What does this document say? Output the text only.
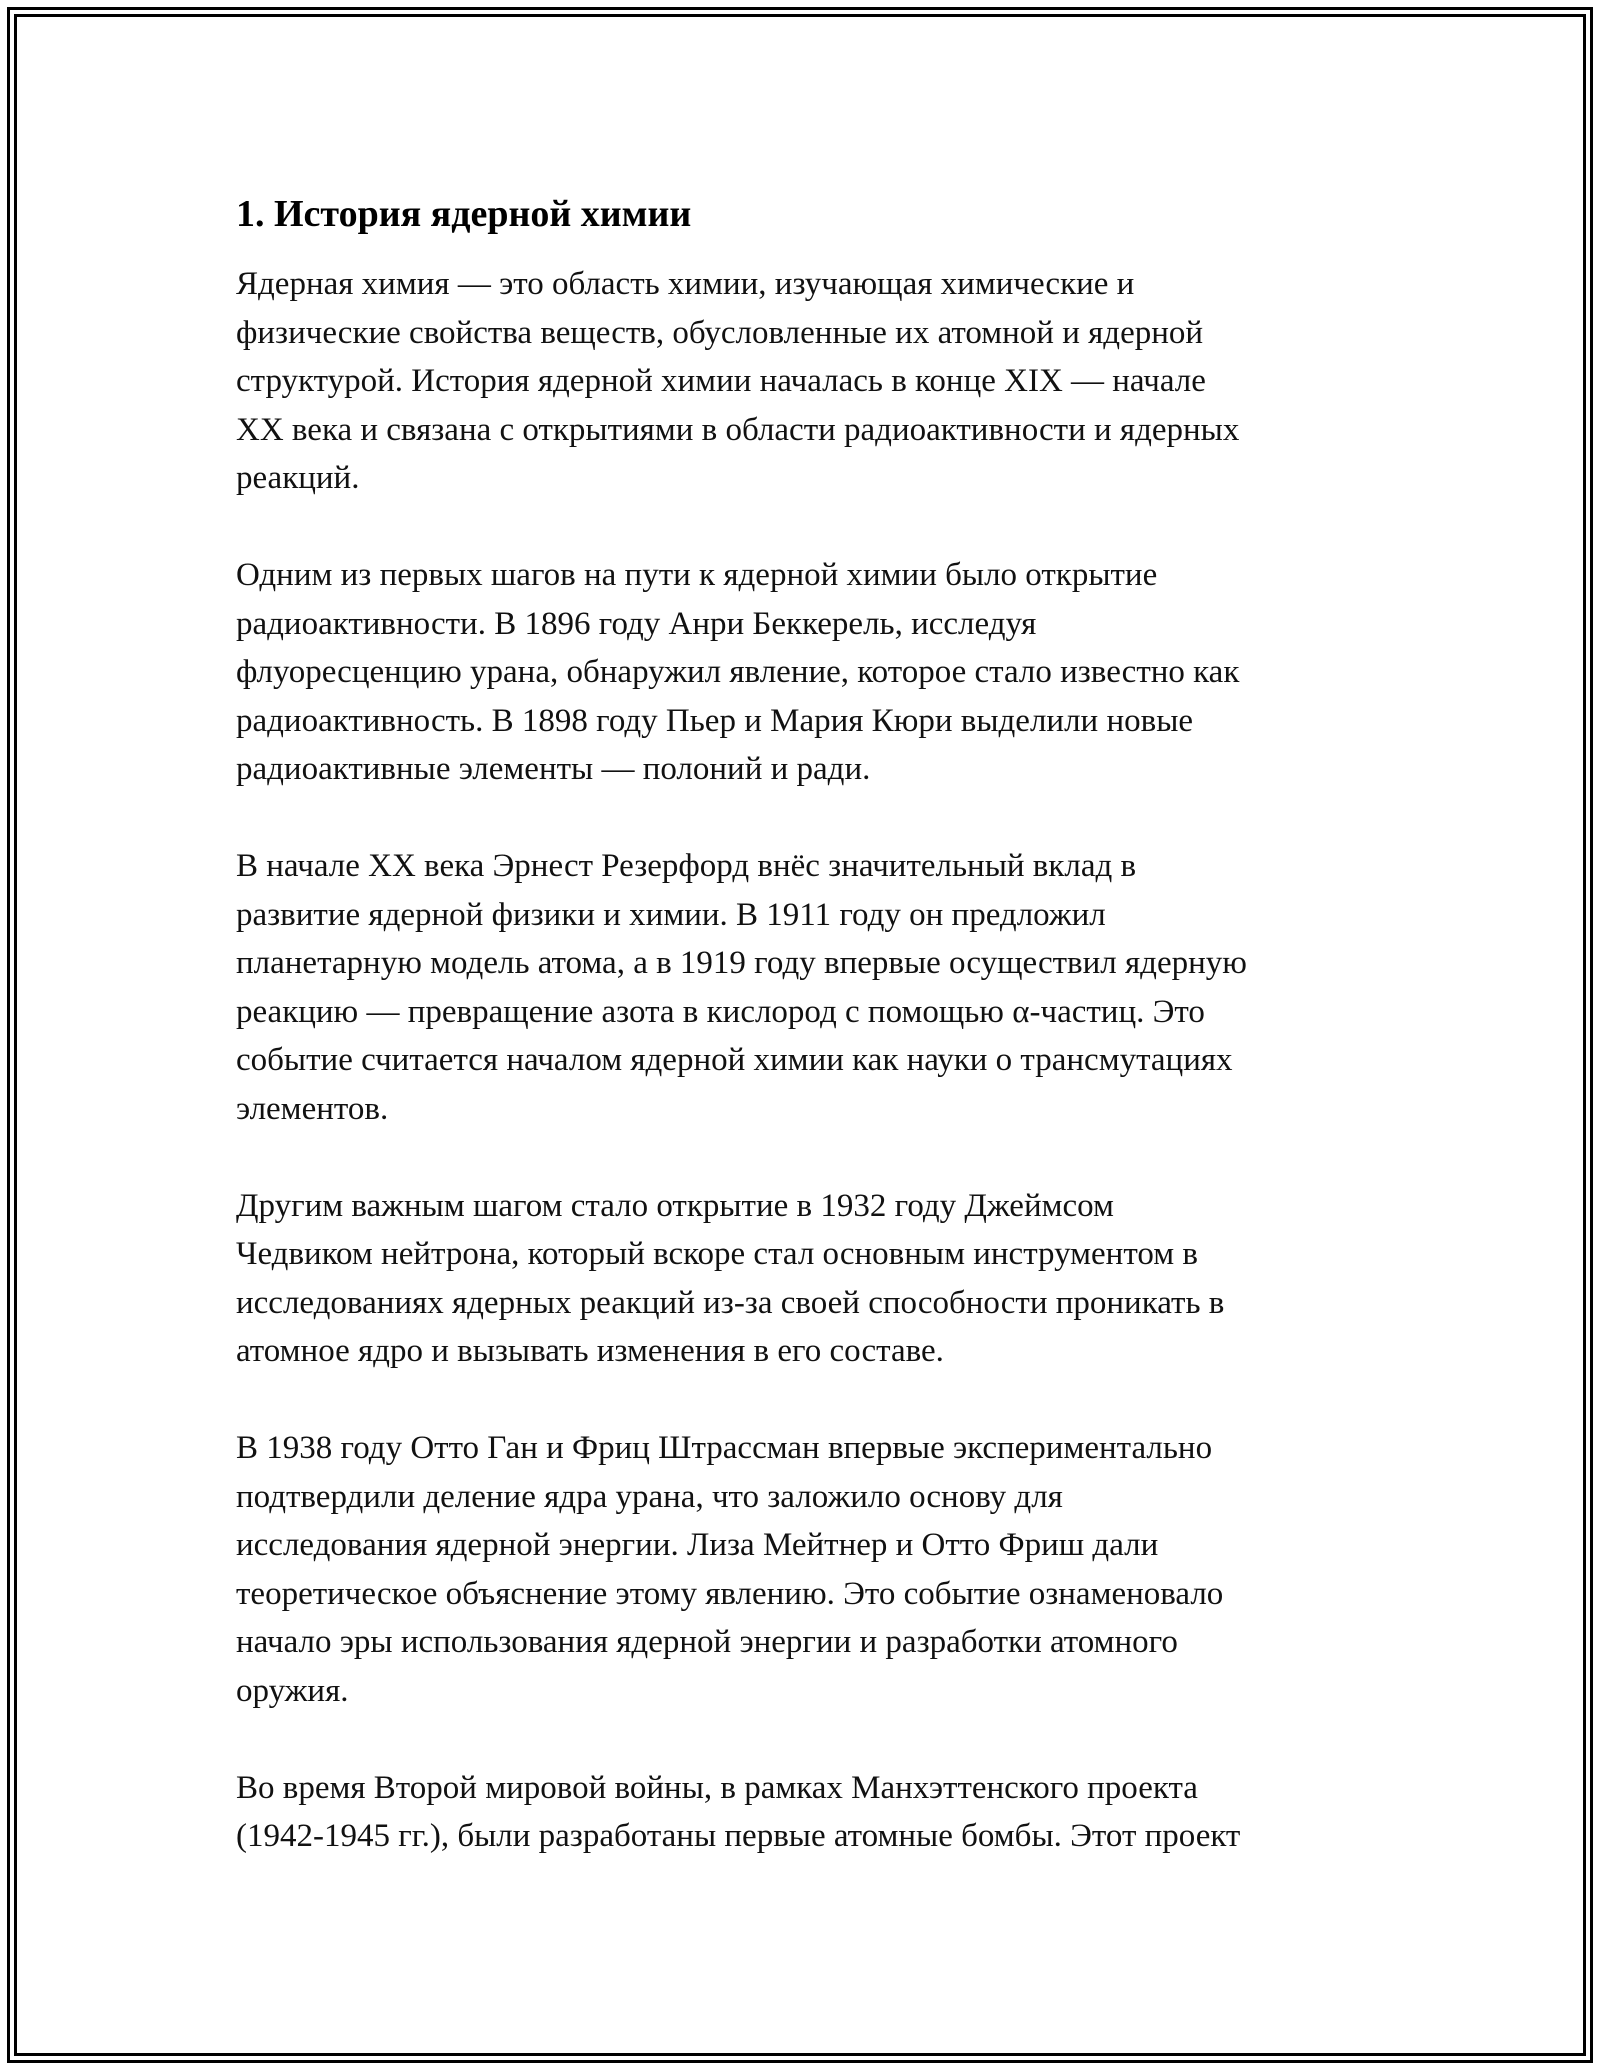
1. История ядерной химии

Ядерная химия — это область химии, изучающая химические и
физические свойства веществ, обусловленные их атомной и ядерной
структурой. История ядерной химии началась в конце XIX — начале
XX века и связана с открытиями в области радиоактивности и ядерных
реакций.

Одним из первых шагов на пути к ядерной химии было открытие
радиоактивности. В 1896 году Анри Беккерель, исследуя
флуоресценцию урана, обнаружил явление, которое стало известно как
радиоактивность. В 1898 году Пьер и Мария Кюри выделили новые
радиоактивные элементы — полоний и ради.

В начале XX века Эрнест Резерфорд внёс значительный вклад в
развитие ядерной физики и химии. В 1911 году он предложил
планетарную модель атома, а в 1919 году впервые осуществил ядерную
реакцию — превращение азота в кислород с помощью α-частиц. Это
событие считается началом ядерной химии как науки о трансмутациях
элементов.

Другим важным шагом стало открытие в 1932 году Джеймсом
Чедвиком нейтрона, который вскоре стал основным инструментом в
исследованиях ядерных реакций из-за своей способности проникать в
атомное ядро и вызывать изменения в его составе.

В 1938 году Отто Ган и Фриц Штрассман впервые экспериментально
подтвердили деление ядра урана, что заложило основу для
исследования ядерной энергии. Лиза Мейтнер и Отто Фриш дали
теоретическое объяснение этому явлению. Это событие ознаменовало
начало эры использования ядерной энергии и разработки атомного
оружия.

Во время Второй мировой войны, в рамках Манхэттенского проекта
(1942-1945 гг.), были разработаны первые атомные бомбы. Этот проект
